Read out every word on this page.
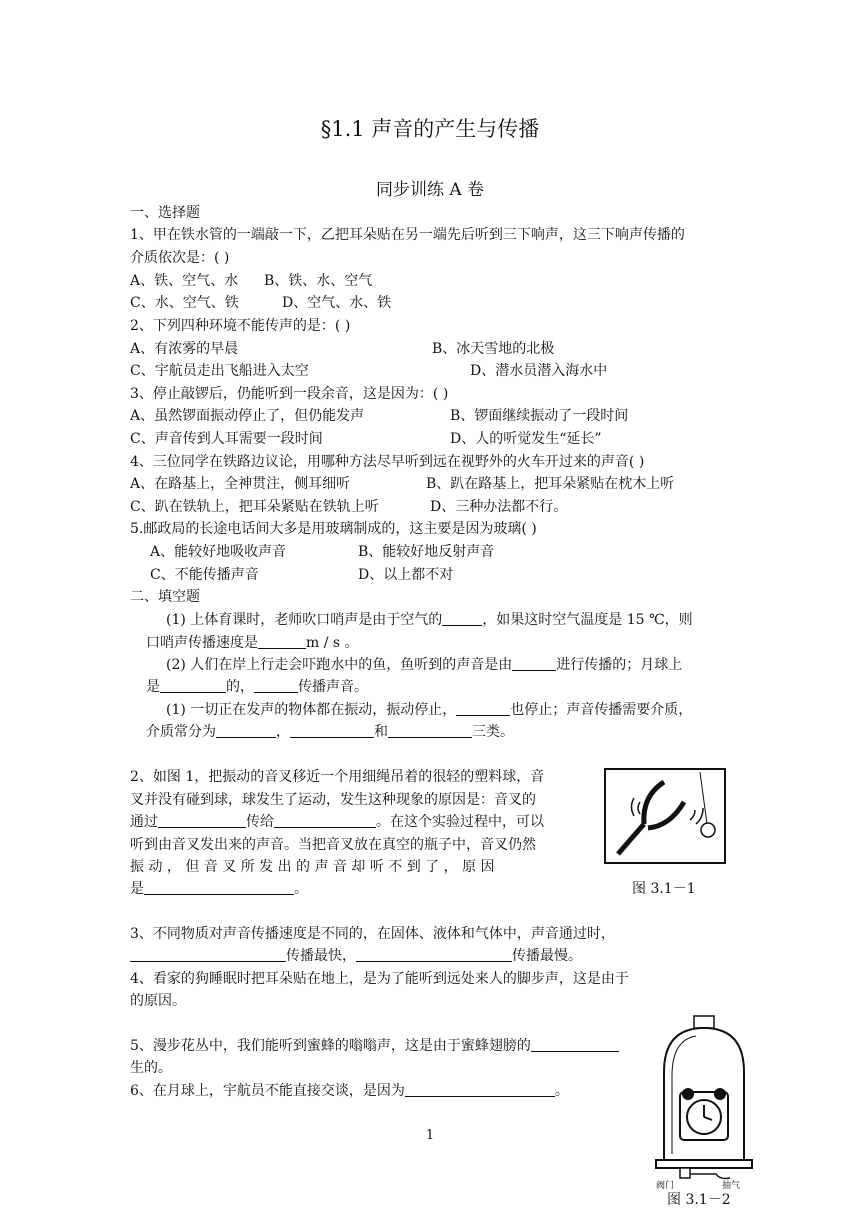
§1.1 声音的产生与传播
同步训练 A 卷
一、选择题
1、甲在铁水管的一端敲一下，乙把耳朵贴在另一端先后听到三下响声，这三下响声传播的
介质依次是：( )
A、铁、空气、水 B、铁、水、空气
C、水、空气、铁	D、空气、水、铁
2、下列四种环境不能传声的是：( )
A、有浓雾的早晨	B、冰天雪地的北极
C、宇航员走出飞船进入太空	D、潜水员潜入海水中
3、停止敲锣后，仍能听到一段余音，这是因为：( )
A、虽然锣面振动停止了，但仍能发声	B、锣面继续振动了一段时间
C、声音传到人耳需要一段时间	D、人的听觉发生“延长”
4、三位同学在铁路边议论，用哪种方法尽早听到远在视野外的火车开过来的声音( )
A、在路基上，全神贯注，侧耳细听	B、趴在路基上，把耳朵紧贴在枕木上听
C、趴在铁轨上，把耳朵紧贴在铁轨上听	D、三种办法都不行。
5.邮政局的长途电话间大多是用玻璃制成的，这主要是因为玻璃( )
A、能较好地吸收声音	B、能较好地反射声音
C、不能传播声音	D、以上都不对
二、填空题
(1) 上体育课时，老师吹口哨声是由于空气的	，如果这时空气温度是 15 ℃，则
口哨声传播速度是	m / s 。
(2) 人们在岸上行走会吓跑水中的鱼，鱼听到的声音是由	进行传播的；月球上
是	的，	传播声音。
(1) 一切正在发声的物体都在振动，振动停止，	也停止；声音传播需要介质，
介质常分为	，	和	三类。
2、如图 1，把振动的音叉移近一个用细绳吊着的很轻的塑料球，音
叉并没有碰到球，球发生了运动，发生这种现象的原因是：音叉的
通过	传给	。在这个实验过程中，可以
听到由音叉发出来的声音。当把音叉放在真空的瓶子中，音叉仍然
振 动 ， 但 音 叉 所 发 出 的 声 音 却 听 不 到 了 ， 原 因
是	。	图 3.1－1
3、不同物质对声音传播速度是不同的，在固体、液体和气体中，声音通过时，
传播最快，	传播最慢。
4、看家的狗睡眠时把耳朵贴在地上，是为了能听到远处来人的脚步声，这是由于
的原因。
5、漫步花丛中，我们能听到蜜蜂的嗡嗡声，这是由于蜜蜂翅膀的
生的。
6、在月球上，宇航员不能直接交谈，是因为	。
阀门	抽气
图 3.1－2
1
